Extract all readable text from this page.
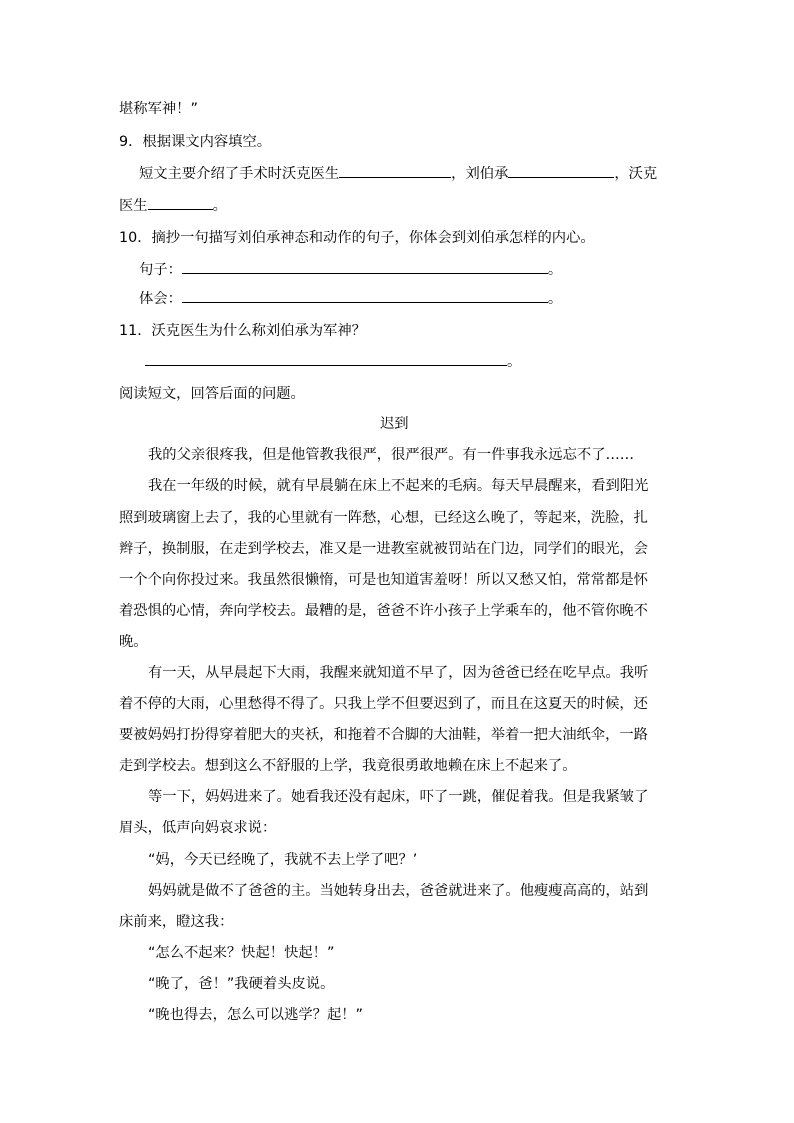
堪称军神！”
9．根据课文内容填空。
短文主要介绍了手术时沃克医生	，刘伯承	，沃克
医生	。
10．摘抄一句描写刘伯承神态和动作的句子，你体会到刘伯承怎样的内心。
句子：	。
体会：	。
11．沃克医生为什么称刘伯承为军神？
。
阅读短文，回答后面的问题。
迟到
我的父亲很疼我，但是他管教我很严，很严很严。有一件事我永远忘不了……
我在一年级的时候，就有早晨躺在床上不起来的毛病。每天早晨醒来，看到阳光
照到玻璃窗上去了，我的心里就有一阵愁，心想，已经这么晚了，等起来，洗脸，扎
辫子，换制服，在走到学校去，准又是一进教室就被罚站在门边，同学们的眼光，会
一个个向你投过来。我虽然很懒惰，可是也知道害羞呀！所以又愁又怕，常常都是怀
着恐惧的心情，奔向学校去。最糟的是，爸爸不许小孩子上学乘车的，他不管你晚不
晚。
有一天，从早晨起下大雨，我醒来就知道不早了，因为爸爸已经在吃早点。我听
着不停的大雨，心里愁得不得了。只我上学不但要迟到了，而且在这夏天的时候，还
要被妈妈打扮得穿着肥大的夹袄，和拖着不合脚的大油鞋，举着一把大油纸伞，一路
走到学校去。想到这么不舒服的上学，我竟很勇敢地赖在床上不起来了。
等一下，妈妈进来了。她看我还没有起床，吓了一跳，催促着我。但是我紧皱了
眉头，低声向妈哀求说：
“妈，今天已经晚了，我就不去上学了吧？’
妈妈就是做不了爸爸的主。当她转身出去，爸爸就进来了。他瘦瘦高高的，站到
床前来，瞪这我：
“怎么不起来？快起！快起！”
“晚了，爸！”我硬着头皮说。
“晚也得去，怎么可以逃学？起！”
